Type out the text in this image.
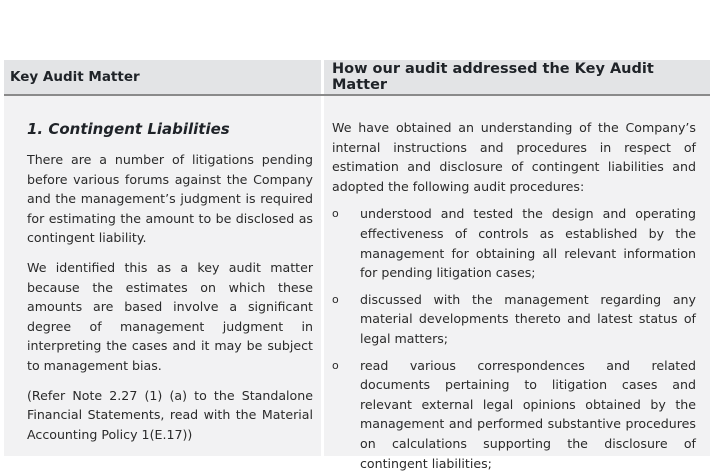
Key Audit Matter	How our audit addressed the Key Audit Matter
1. Contingent Liabilities

There are a number of litigations pending before various forums against the Company and the management’s judgment is required for estimating the amount to be disclosed as contingent liability.

We identified this as a key audit matter because the estimates on which these amounts are based involve a significant degree of management judgment in interpreting the cases and it may be subject to management bias.

(Refer Note 2.27 (1) (a) to the Standalone Financial Statements, read with the Material Accounting Policy 1(E.17))

We have obtained an understanding of the Company’s internal instructions and procedures in respect of estimation and disclosure of contingent liabilities and adopted the following audit procedures:

o understood and tested the design and operating effectiveness of controls as established by the management for obtaining all relevant information for pending litigation cases;
o discussed with the management regarding any material developments thereto and latest status of legal matters;
o read various correspondences and related documents pertaining to litigation cases and relevant external legal opinions obtained by the management and performed substantive procedures on calculations supporting the disclosure of contingent liabilities;
